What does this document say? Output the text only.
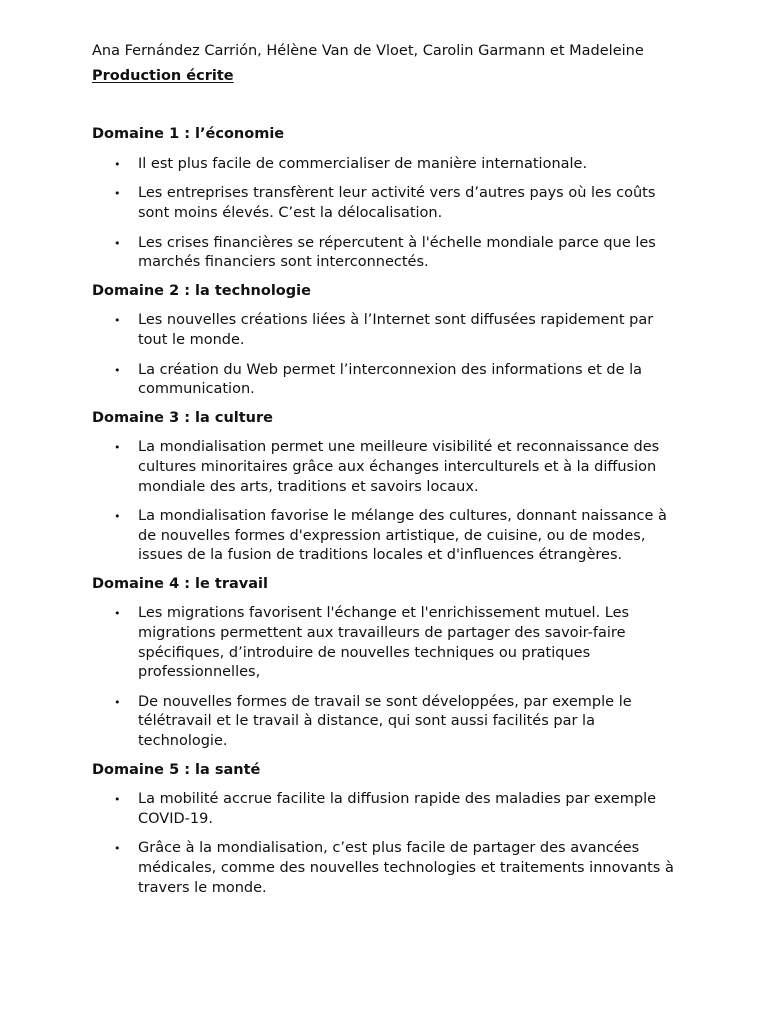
Ana Fernández Carrión, Hélène Van de Vloet, Carolin Garmann et Madeleine

Production écrite

Domaine 1 : l’économie
• Il est plus facile de commercialiser de manière internationale.
• Les entreprises transfèrent leur activité vers d’autres pays où les coûts sont moins élevés. C’est la délocalisation.
• Les crises financières se répercutent à l'échelle mondiale parce que les marchés financiers sont interconnectés.
Domaine 2 : la technologie
• Les nouvelles créations liées à l’Internet sont diffusées rapidement par tout le monde.
• La création du Web permet l’interconnexion des informations et de la communication.
Domaine 3 : la culture
• La mondialisation permet une meilleure visibilité et reconnaissance des cultures minoritaires grâce aux échanges interculturels et à la diffusion mondiale des arts, traditions et savoirs locaux.
• La mondialisation favorise le mélange des cultures, donnant naissance à de nouvelles formes d'expression artistique, de cuisine, ou de modes, issues de la fusion de traditions locales et d'influences étrangères.
Domaine 4 : le travail
• Les migrations favorisent l'échange et l'enrichissement mutuel. Les migrations permettent aux travailleurs de partager des savoir-faire spécifiques, d’introduire de nouvelles techniques ou pratiques professionnelles,
• De nouvelles formes de travail se sont développées, par exemple le télétravail et le travail à distance, qui sont aussi facilités par la technologie.
Domaine 5 : la santé
• La mobilité accrue facilite la diffusion rapide des maladies par exemple COVID-19.
• Grâce à la mondialisation, c’est plus facile de partager des avancées médicales, comme des nouvelles technologies et traitements innovants à travers le monde.
